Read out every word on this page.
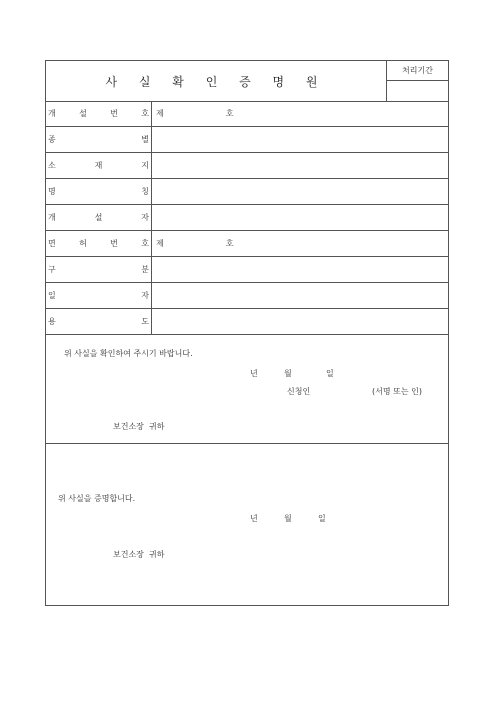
사 실 확 인 증 명 원
처리기간
개	설	번	호 제	호
종	별
소	재	지
명	칭
개	설	자
면	허	번	호 제	호
구	분
일	자
용	도
위 사실을 확인하여 주시기 바랍니다.
년	월	일
신청인	(서명 또는 인)
보건소장  귀하
위 사실을 증명합니다.
년	월	일
보건소장  귀하
